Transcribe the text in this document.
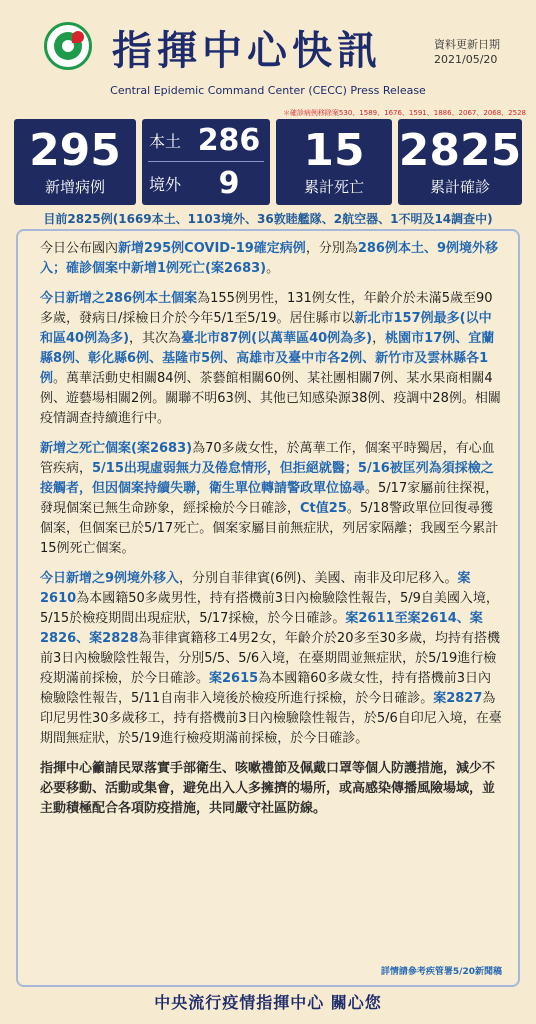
指揮中心快訊	資料更新日期
2021/05/20
Central Epidemic Command Center (CECC) Press Release
＊確診病例移除案530、1589、1676、1591、1886、2067、2068、2528
295
新增病例
本土 286
境外	9
15
累計死亡
2825
累計確診
目前2825例(1669本土、1103境外、36敦睦艦隊、2航空器、1不明及14調查中)

今日公布國內新增295例COVID-19確定病例，分別為286例本土、9例境外移入；確診個案中新增1例死亡(案2683)。

今日新增之286例本土個案為155例男性，131例女性，年齡介於未滿5歲至90多歲，發病日/採檢日介於今年5/1至5/19。居住縣市以新北市157例最多(以中和區40例為多)，其次為臺北市87例(以萬華區40例為多)，桃園市17例、宜蘭縣8例、彰化縣6例、基隆市5例、高雄市及臺中市各2例、新竹市及雲林縣各1例。萬華活動史相關84例、茶藝館相關60例、某社團相關7例、某水果商相關4例、遊藝場相關2例。關聯不明63例、其他已知感染源38例、疫調中28例。相關疫情調查持續進行中。

新增之死亡個案(案2683)為70多歲女性，於萬華工作，個案平時獨居，有心血管疾病，5/15出現虛弱無力及倦怠情形，但拒絕就醫；5/16被匡列為須採檢之接觸者，但因個案持續失聯，衛生單位轉請警政單位協尋。5/17家屬前往探視，發現個案已無生命跡象，經採檢於今日確診，Ct值25。5/18警政單位回復尋獲個案，但個案已於5/17死亡。個案家屬目前無症狀，列居家隔離；我國至今累計15例死亡個案。

今日新增之9例境外移入，分別自菲律賓(6例)、美國、南非及印尼移入。案2610為本國籍50多歲男性，持有搭機前3日內檢驗陰性報告，5/9自美國入境，5/15於檢疫期間出現症狀，5/17採檢，於今日確診。案2611至案2614、案2826、案2828為菲律賓籍移工4男2女，年齡介於20多至30多歲，均持有搭機前3日內檢驗陰性報告，分別5/5、5/6入境，在臺期間並無症狀，於5/19進行檢疫期滿前採檢，於今日確診。案2615為本國籍60多歲女性，持有搭機前3日內檢驗陰性報告，5/11自南非入境後於檢疫所進行採檢，於今日確診。案2827為印尼男性30多歲移工，持有搭機前3日內檢驗陰性報告，於5/6自印尼入境，在臺期間無症狀，於5/19進行檢疫期滿前採檢，於今日確診。

指揮中心籲請民眾落實手部衛生、咳嗽禮節及佩戴口罩等個人防護措施，減少不必要移動、活動或集會，避免出入人多擁擠的場所，或高感染傳播風險場域，並主動積極配合各項防疫措施，共同嚴守社區防線。

詳情請參考疾管署5/20新聞稿
中央流行疫情指揮中心 關心您
